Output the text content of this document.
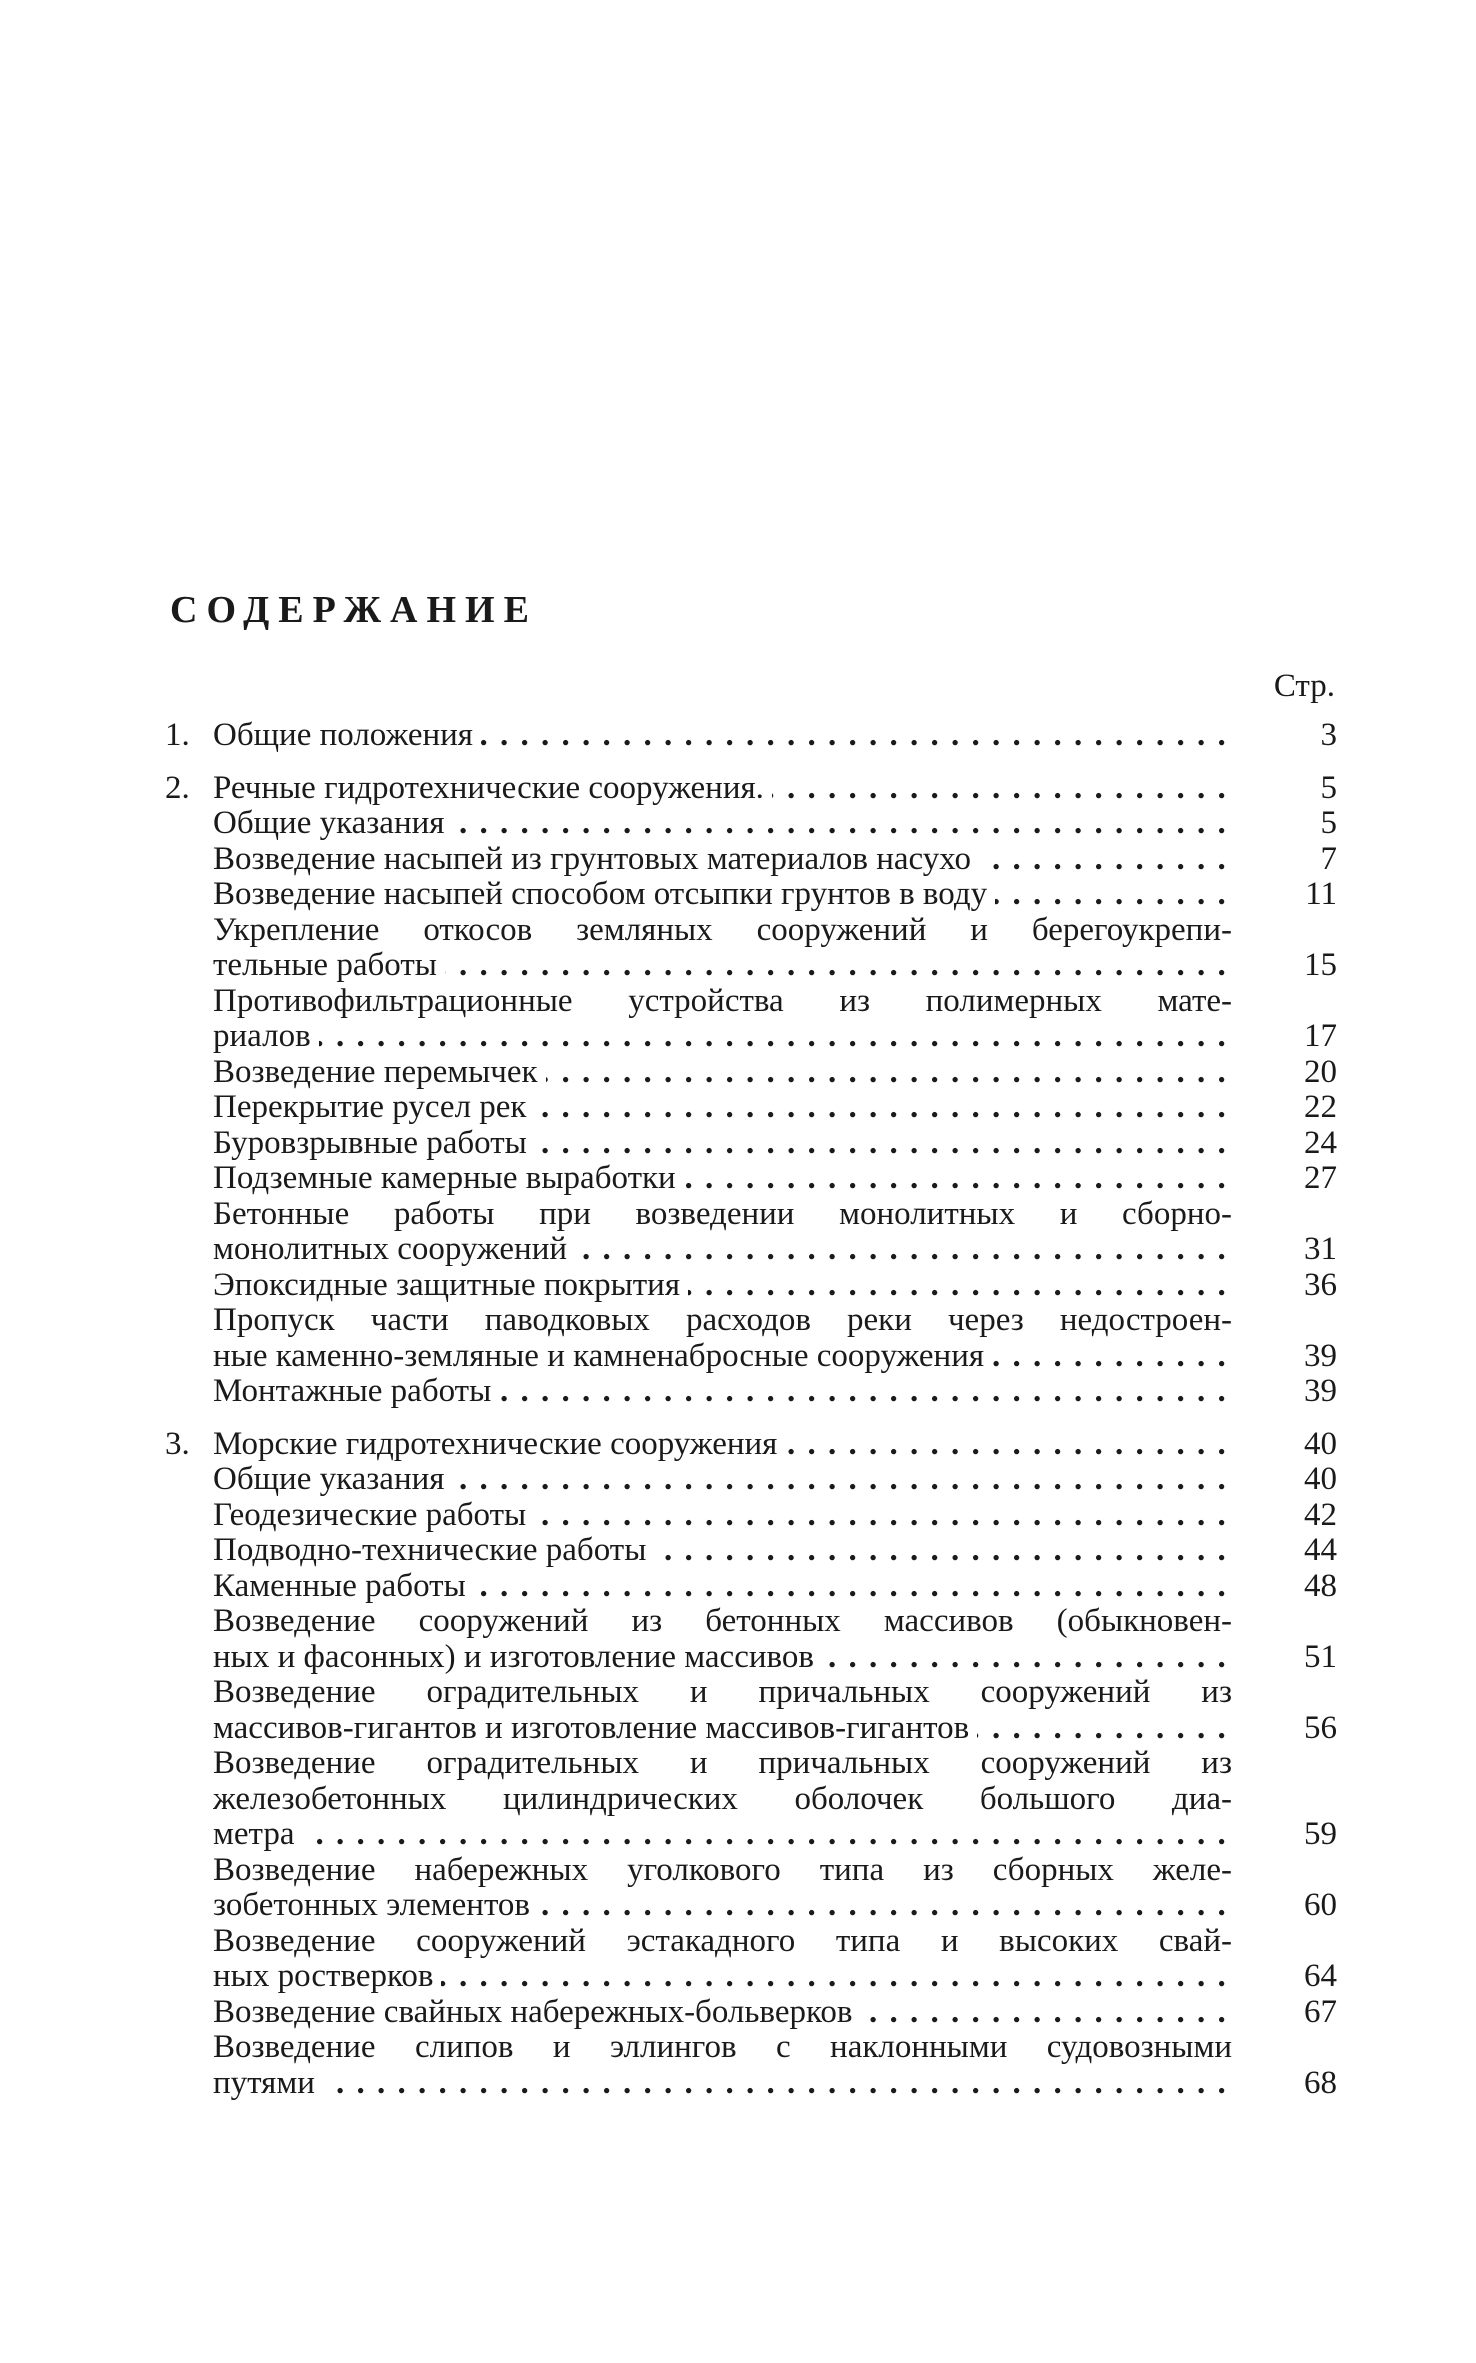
СОДЕРЖАНИЕ
Стр.
1. Общие положения . . .	3
2. Речные гидротехнические сооружения. . . .	5
Общие указания . . .	5
Возведение насыпей из грунтовых материалов насухо . . .	7
Возведение насыпей способом отсыпки грунтов в воду . . .	11
Укрепление откосов земляных сооружений и берегоукрепи-
тельные работы . . .	15
Противофильтрационные устройства из полимерных мате-
риалов . . .	17
Возведение перемычек . . .	20
Перекрытие русел рек . . .	22
Буровзрывные работы . . .	24
Подземные камерные выработки . . .	27
Бетонные работы при возведении монолитных и сборно-
монолитных сооружений . . .	31
Эпоксидные защитные покрытия . . .	36
Пропуск части паводковых расходов реки через недостроен-
ные каменно-земляные и камненабросные сооружения . . .	39
Монтажные работы . . .	39
3. Морские гидротехнические сооружения . . .	40
Общие указания . . .	40
Геодезические работы . . .	42
Подводно-технические работы . . .	44
Каменные работы . . .	48
Возведение сооружений из бетонных массивов (обыкновен-
ных и фасонных) и изготовление массивов . . .	51
Возведение оградительных и причальных сооружений из
массивов-гигантов и изготовление массивов-гигантов . . .	56
Возведение оградительных и причальных сооружений из
железобетонных цилиндрических оболочек большого диа-
метра . . .	59
Возведение набережных уголкового типа из сборных желе-
зобетонных элементов . . .	60
Возведение сооружений эстакадного типа и высоких свай-
ных ростверков . . .	64
Возведение свайных набережных-больверков . . .	67
Возведение слипов и эллингов с наклонными судовозными
путями . . .	68
